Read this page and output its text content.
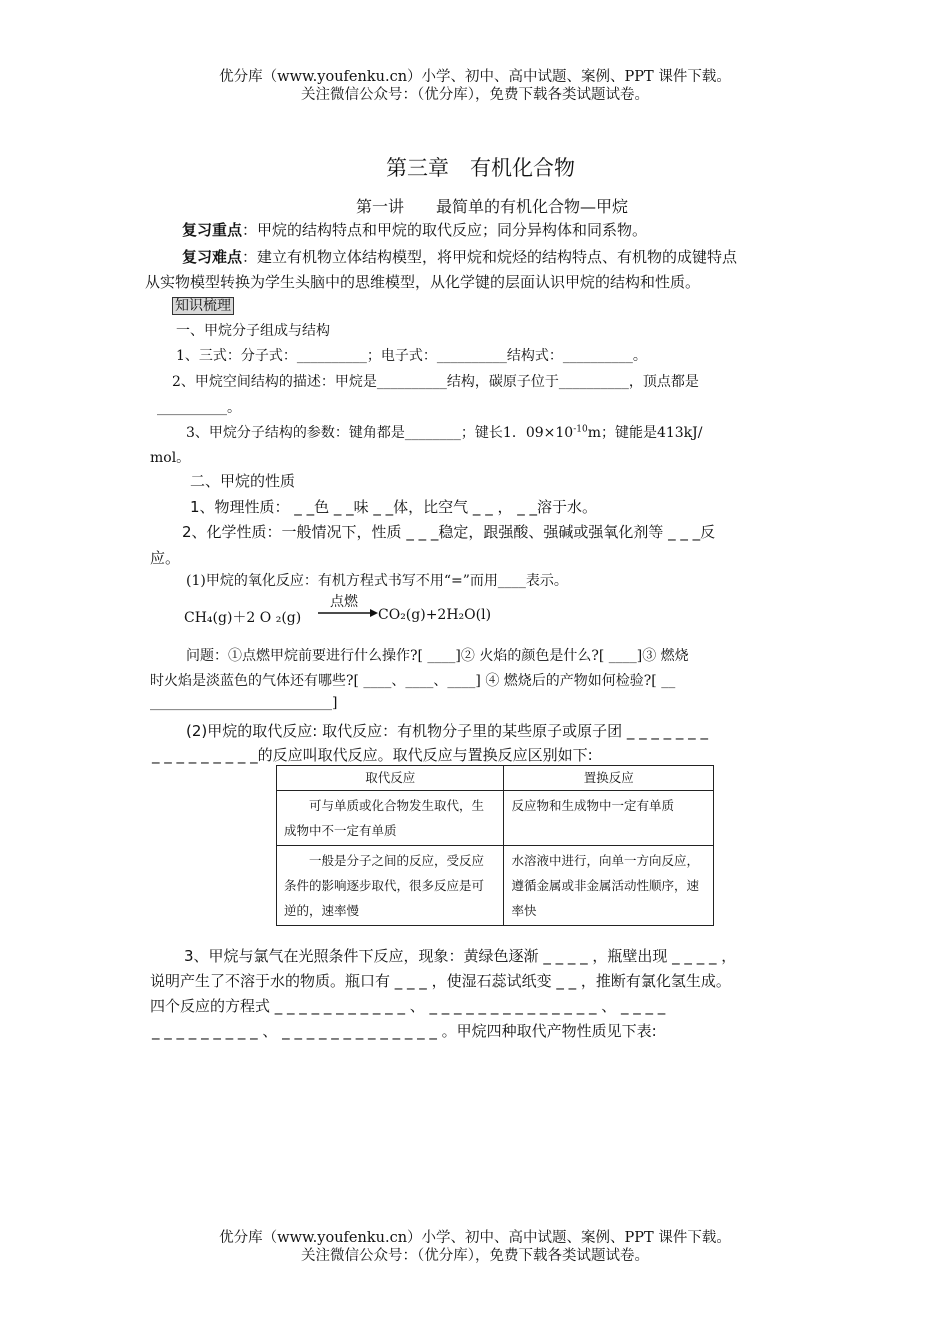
优分库（www.youfenku.cn）小学、初中、高中试题、案例、PPT 课件下载。
关注微信公众号：（优分库），免费下载各类试题试卷。
第三章　有机化合物
第一讲　　最简单的有机化合物—甲烷
复习重点：甲烷的结构特点和甲烷的取代反应；同分异构体和同系物。
复习难点：建立有机物立体结构模型，将甲烷和烷烃的结构特点、有机物的成键特点
从实物模型转换为学生头脑中的思维模型，从化学键的层面认识甲烷的结构和性质。
知识梳理
一、甲烷分子组成与结构
1、三式：分子式：__________；电子式：__________结构式：__________。
2、甲烷空间结构的描述：甲烷是__________结构，碳原子位于__________，顶点都是
__________。
3、甲烷分子结构的参数：键角都是________；键长1．$09\times 10^{-10}m$；键能是413kJ/
mol。
二、甲烷的性质
1、物理性质： _ _色 _ _味 _ _体，比空气 _ _ ， _ _溶于水。
2、化学性质：一般情况下，性质 _ _ _稳定，跟强酸、强碱或强氧化剂等 _ _ _反
应。
(1)甲烷的氧化反应：有机方程式书写不用“=”而用____表示。
CH₄(g)＋2 O ₂(g)
点燃
→ CO₂(g)+2H₂O(l)
问题：①点燃甲烷前要进行什么操作?[ ____]② 火焰的颜色是什么?[ ____]③ 燃烧
时火焰是淡蓝色的气体还有哪些?[ ____、____、____] ④ 燃烧后的产物如何检验?[ __
__________________________]
(2)甲烷的取代反应: 取代反应：有机物分子里的某些原子或原子团 _ _ _ _ _ _ _
_ _ _ _ _ _ _ _ _的反应叫取代反应。取代反应与置换反应区别如下:
取代反应	置换反应
可与单质或化合物发生取代，生成物中不一定有单质	反应物和生成物中一定有单质
一般是分子之间的反应，受反应条件的影响逐步取代，很多反应是可逆的，速率慢	水溶液中进行，向单一方向反应，遵循金属或非金属活动性顺序，速率快
3、甲烷与氯气在光照条件下反应，现象：黄绿色逐渐 _ _ _ _ ，瓶壁出现 _ _ _ _ ，
说明产生了不溶于水的物质。瓶口有 _ _ _ ，使湿石蕊试纸变 _ _ ，推断有氯化氢生成。
四个反应的方程式 _ _ _ _ _ _ _ _ _ _ _ 、 _ _ _ _ _ _ _ _ _ _ _ _ _ _ 、 _ _ _ _
_ _ _ _ _ _ _ _ _ 、 _ _ _ _ _ _ _ _ _ _ _ _ _ 。甲烷四种取代产物性质见下表:
优分库（www.youfenku.cn）小学、初中、高中试题、案例、PPT 课件下载。
关注微信公众号：（优分库），免费下载各类试题试卷。
